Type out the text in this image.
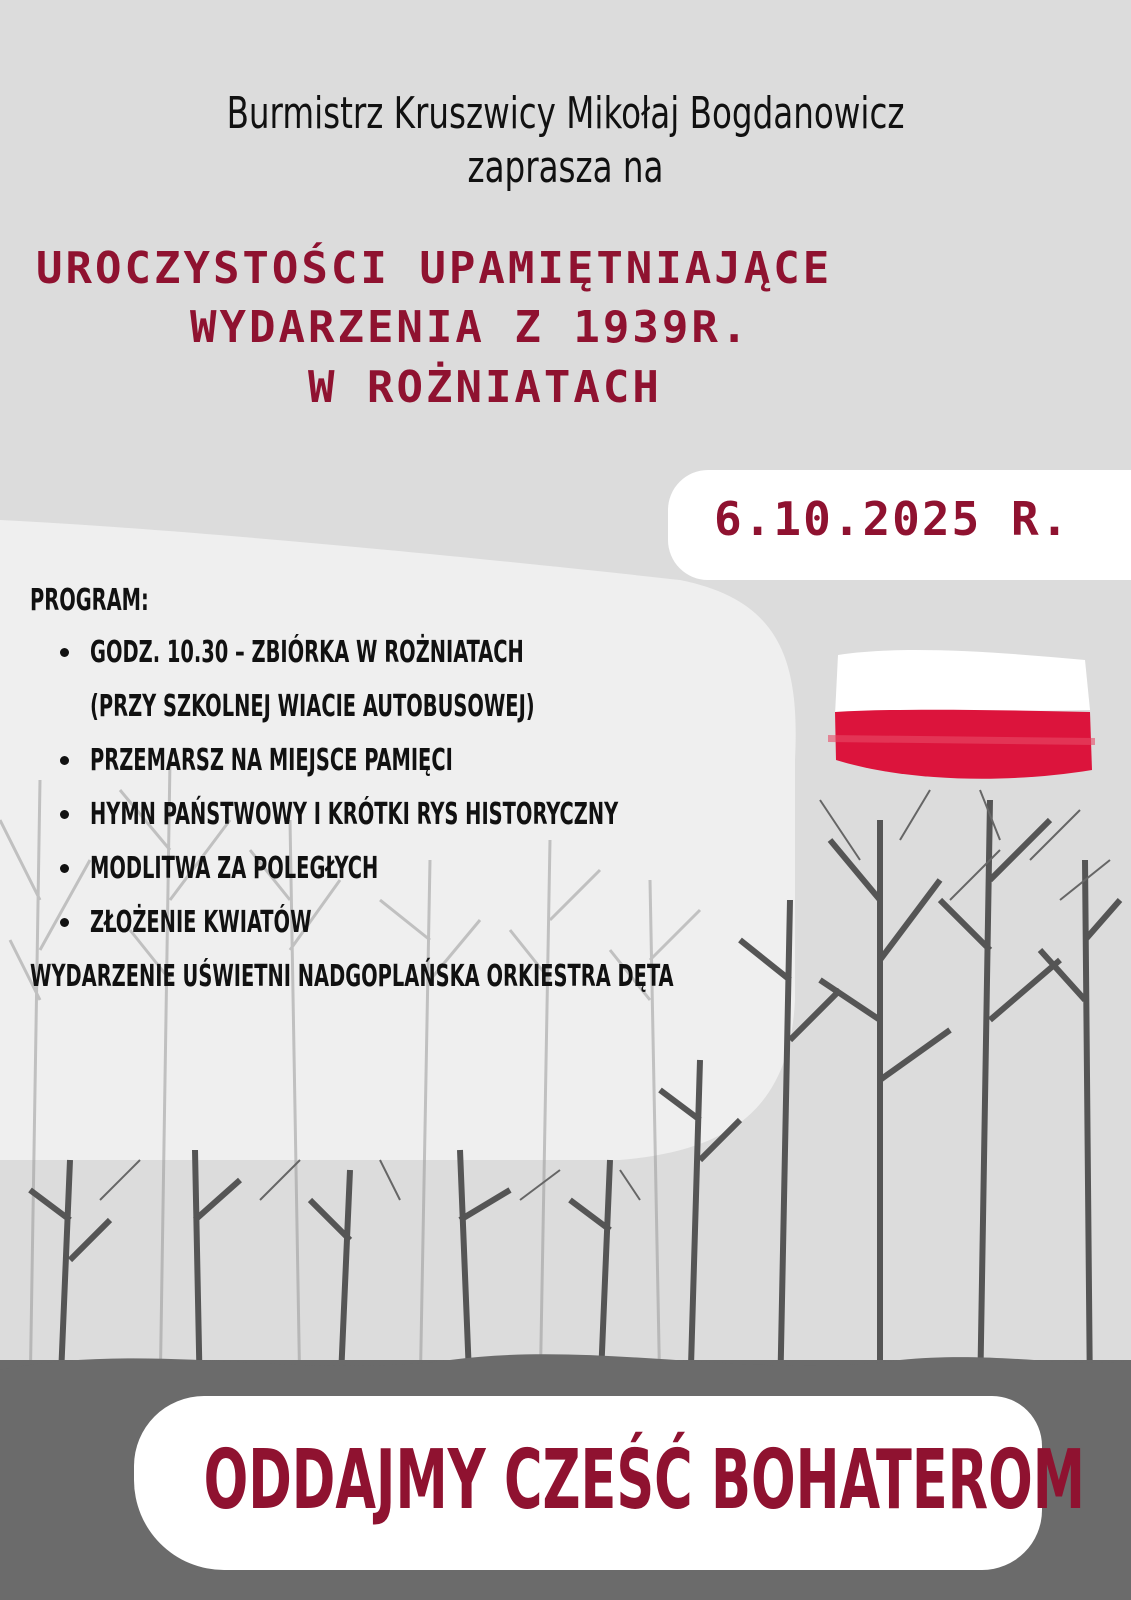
Burmistrz Kruszwicy Mikołaj Bogdanowicz
zaprasza na
UROCZYSTOŚCI UPAMIĘTNIAJĄCE
WYDARZENIA Z 1939R.
W ROŻNIATACH
6.10.2025 R.
PROGRAM:
GODZ. 10.30 – ZBIÓRKA W ROŻNIATACH
(PRZY SZKOLNEJ WIACIE AUTOBUSOWEJ)
PRZEMARSZ NA MIEJSCE PAMIĘCI
HYMN PAŃSTWOWY I KRÓTKI RYS HISTORYCZNY
MODLITWA ZA POLEGŁYCH
ZŁOŻENIE KWIATÓW
WYDARZENIE UŚWIETNI NADGOPLAŃSKA ORKIESTRA DĘTA
ODDAJMY CZEŚĆ BOHATEROM
